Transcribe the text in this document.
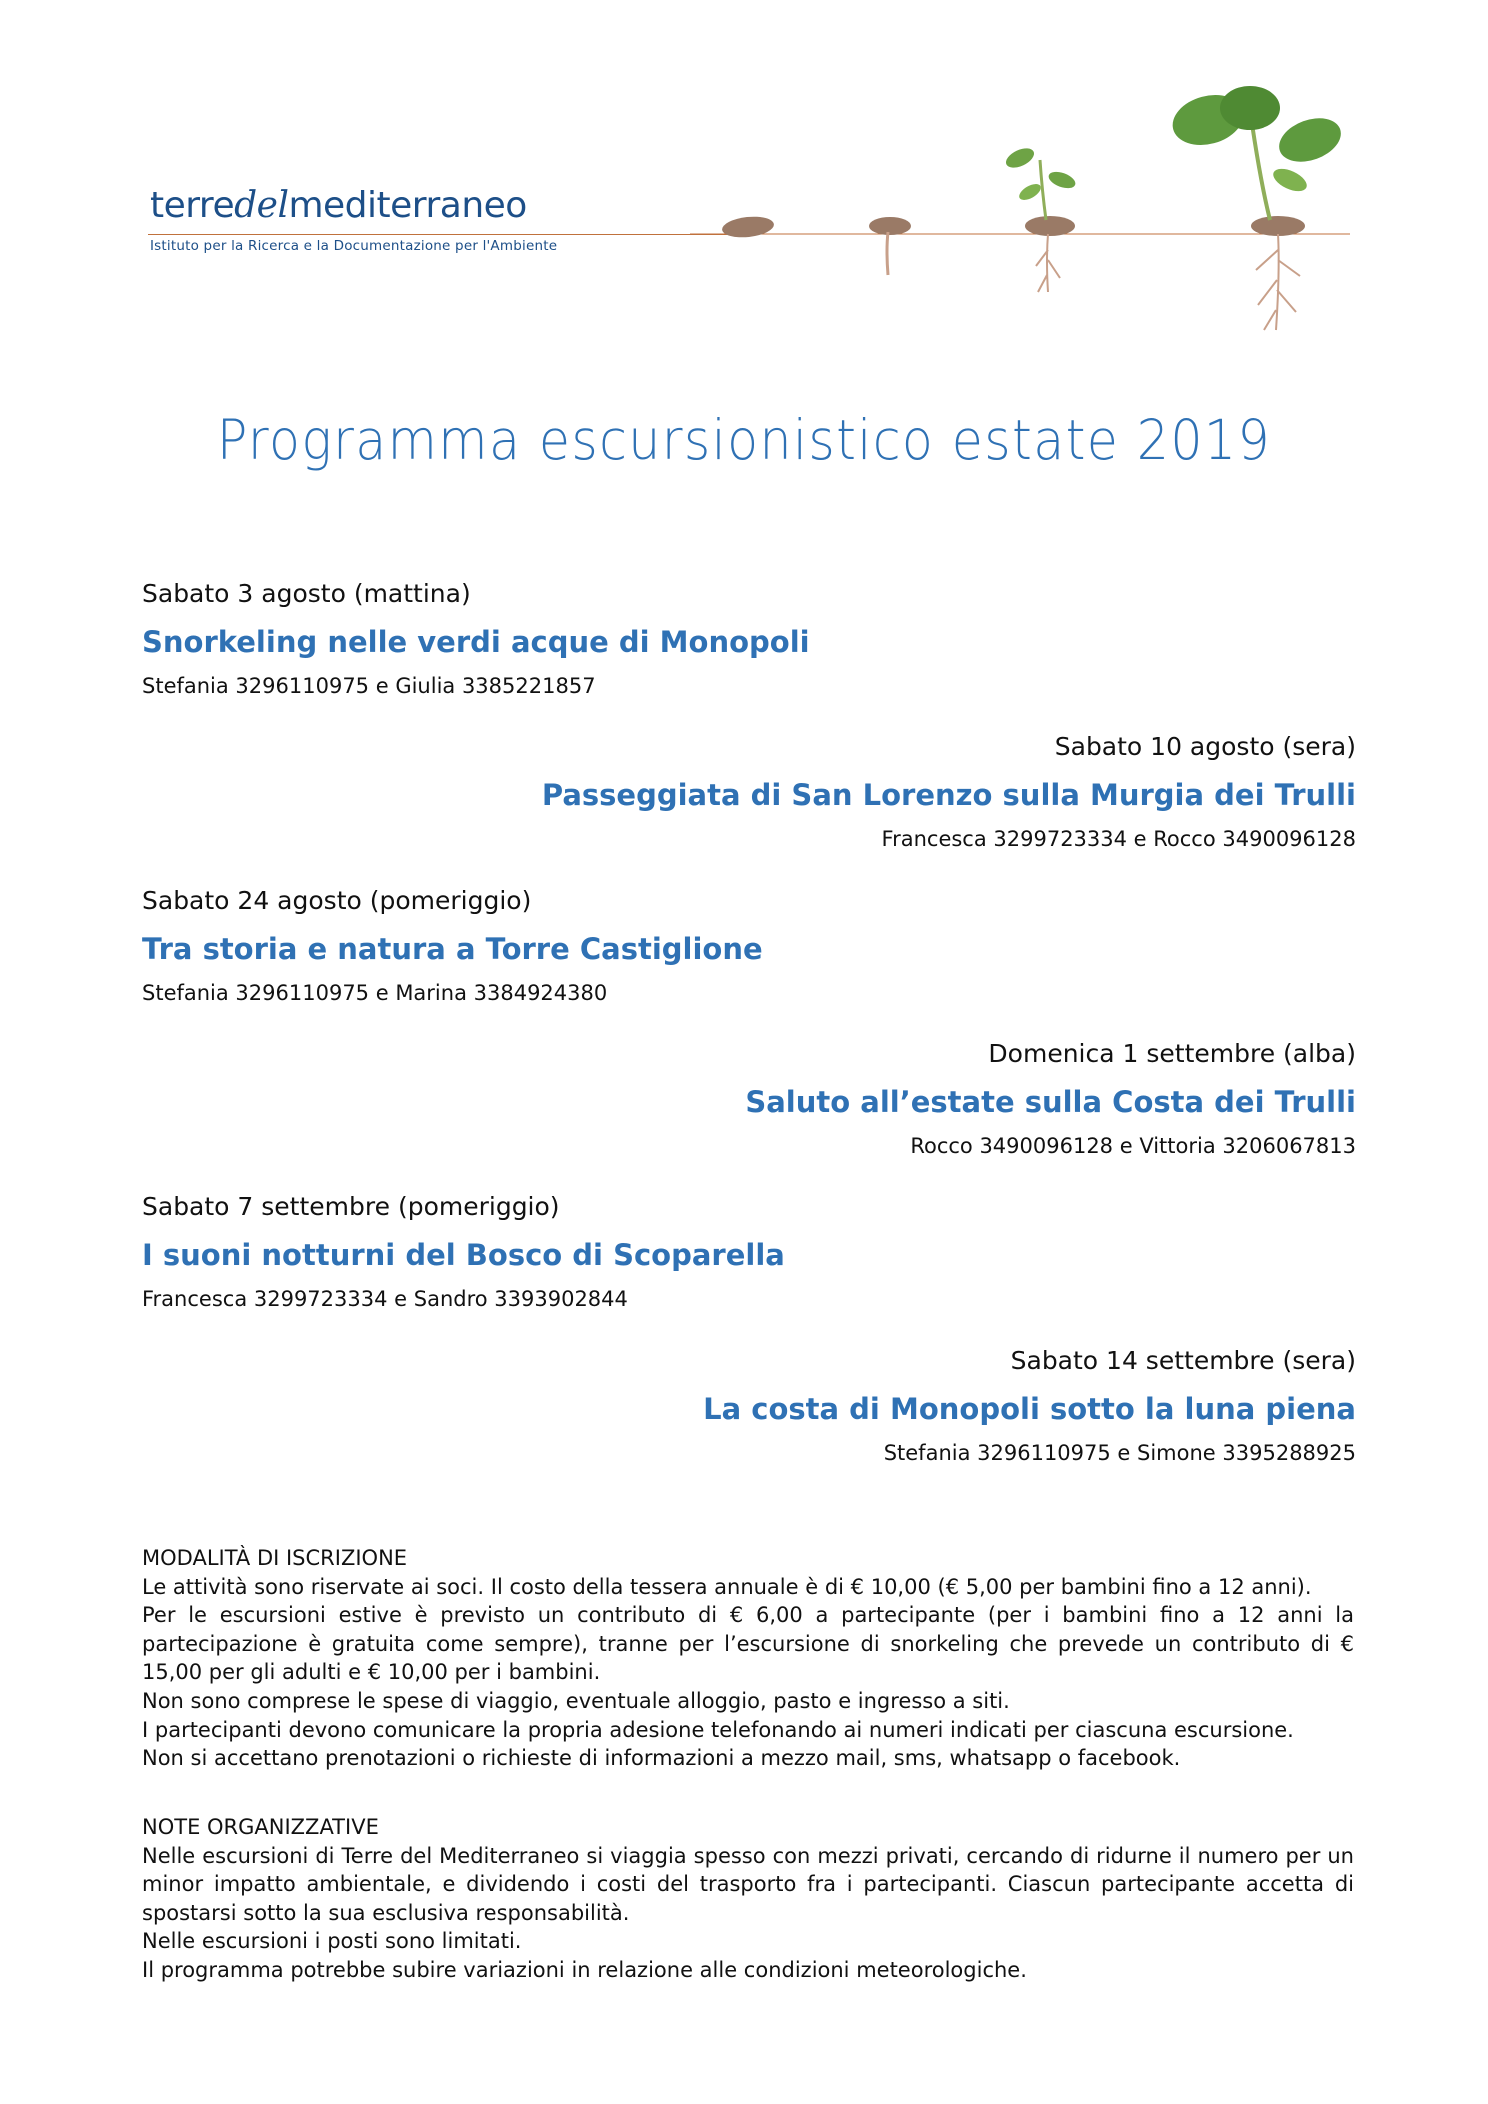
terredelmediterraneo
Istituto per la Ricerca e la Documentazione per l'Ambiente
Programma escursionistico estate 2019
Sabato 3 agosto (mattina)
Snorkeling nelle verdi acque di Monopoli
Stefania 3296110975 e Giulia 3385221857
Sabato 10 agosto (sera)
Passeggiata di San Lorenzo sulla Murgia dei Trulli
Francesca 3299723334 e Rocco 3490096128
Sabato 24 agosto (pomeriggio)
Tra storia e natura a Torre Castiglione
Stefania 3296110975 e Marina 3384924380
Domenica 1 settembre (alba)
Saluto all’estate sulla Costa dei Trulli
Rocco 3490096128 e Vittoria 3206067813
Sabato 7 settembre (pomeriggio)
I suoni notturni del Bosco di Scoparella
Francesca 3299723334 e Sandro 3393902844
Sabato 14 settembre (sera)
La costa di Monopoli sotto la luna piena
Stefania 3296110975 e Simone 3395288925

MODALITÀ DI ISCRIZIONE

Le attività sono riservate ai soci. Il costo della tessera annuale è di € 10,00 (€ 5,00 per bambini fino a 12 anni).

Per le escursioni estive è previsto un contributo di € 6,00 a partecipante (per i bambini fino a 12 anni la partecipazione è gratuita come sempre), tranne per l’escursione di snorkeling che prevede un contributo di € 15,00 per gli adulti e € 10,00 per i bambini.

Non sono comprese le spese di viaggio, eventuale alloggio, pasto e ingresso a siti.

I partecipanti devono comunicare la propria adesione telefonando ai numeri indicati per ciascuna escursione.

Non si accettano prenotazioni o richieste di informazioni a mezzo mail, sms, whatsapp o facebook.

NOTE ORGANIZZATIVE

Nelle escursioni di Terre del Mediterraneo si viaggia spesso con mezzi privati, cercando di ridurne il numero per un minor impatto ambientale, e dividendo i costi del trasporto fra i partecipanti. Ciascun partecipante accetta di spostarsi sotto la sua esclusiva responsabilità.

Nelle escursioni i posti sono limitati.

Il programma potrebbe subire variazioni in relazione alle condizioni meteorologiche.
